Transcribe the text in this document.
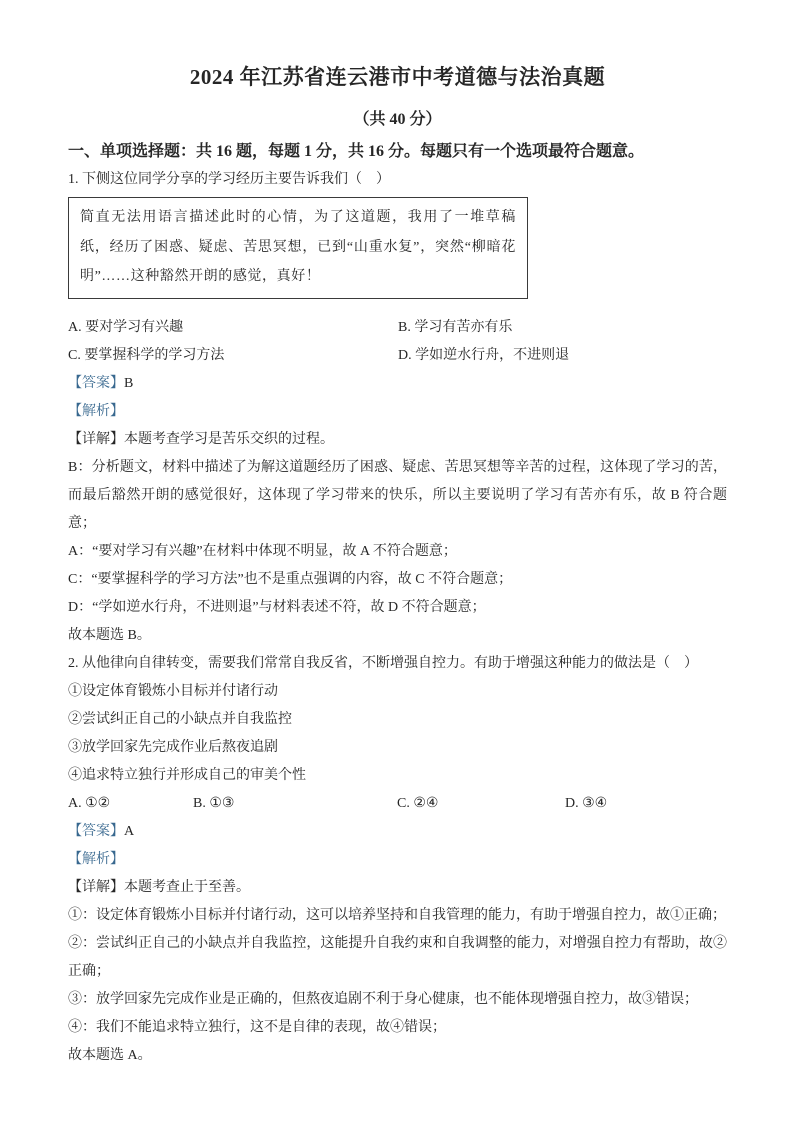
2024 年江苏省连云港市中考道德与法治真题
（共 40 分）
一、单项选择题：共 16 题，每题 1 分，共 16 分。每题只有一个选项最符合题意。

1. 下侧这位同学分享的学习经历主要告诉我们（　）

简直无法用语言描述此时的心情，为了这道题，我用了一堆草稿纸，经历了困惑、疑虑、苦思冥想，已到“山重水复”，突然“柳暗花明”……这种豁然开朗的感觉，真好！

A. 要对学习有兴趣	B. 学习有苦亦有乐
C. 要掌握科学的学习方法	D. 学如逆水行舟，不进则退

【答案】B

【解析】

【详解】本题考查学习是苦乐交织的过程。

B：分析题文，材料中描述了为解这道题经历了困惑、疑虑、苦思冥想等辛苦的过程，这体现了学习的苦，而最后豁然开朗的感觉很好，这体现了学习带来的快乐，所以主要说明了学习有苦亦有乐，故 B 符合题意；

A：“要对学习有兴趣”在材料中体现不明显，故 A 不符合题意；

C：“要掌握科学的学习方法”也不是重点强调的内容，故 C 不符合题意；

D：“学如逆水行舟，不进则退”与材料表述不符，故 D 不符合题意；

故本题选 B。

2. 从他律向自律转变，需要我们常常自我反省，不断增强自控力。有助于增强这种能力的做法是（　）

①设定体育锻炼小目标并付诸行动

②尝试纠正自己的小缺点并自我监控

③放学回家先完成作业后熬夜追剧

④追求特立独行并形成自己的审美个性

A. ①②	B. ①③	C. ②④	D. ③④

【答案】A

【解析】

【详解】本题考查止于至善。

①：设定体育锻炼小目标并付诸行动，这可以培养坚持和自我管理的能力，有助于增强自控力，故①正确；

②：尝试纠正自己的小缺点并自我监控，这能提升自我约束和自我调整的能力，对增强自控力有帮助，故②正确；

③：放学回家先完成作业是正确的，但熬夜追剧不利于身心健康，也不能体现增强自控力，故③错误；

④：我们不能追求特立独行，这不是自律的表现，故④错误；

故本题选 A。
